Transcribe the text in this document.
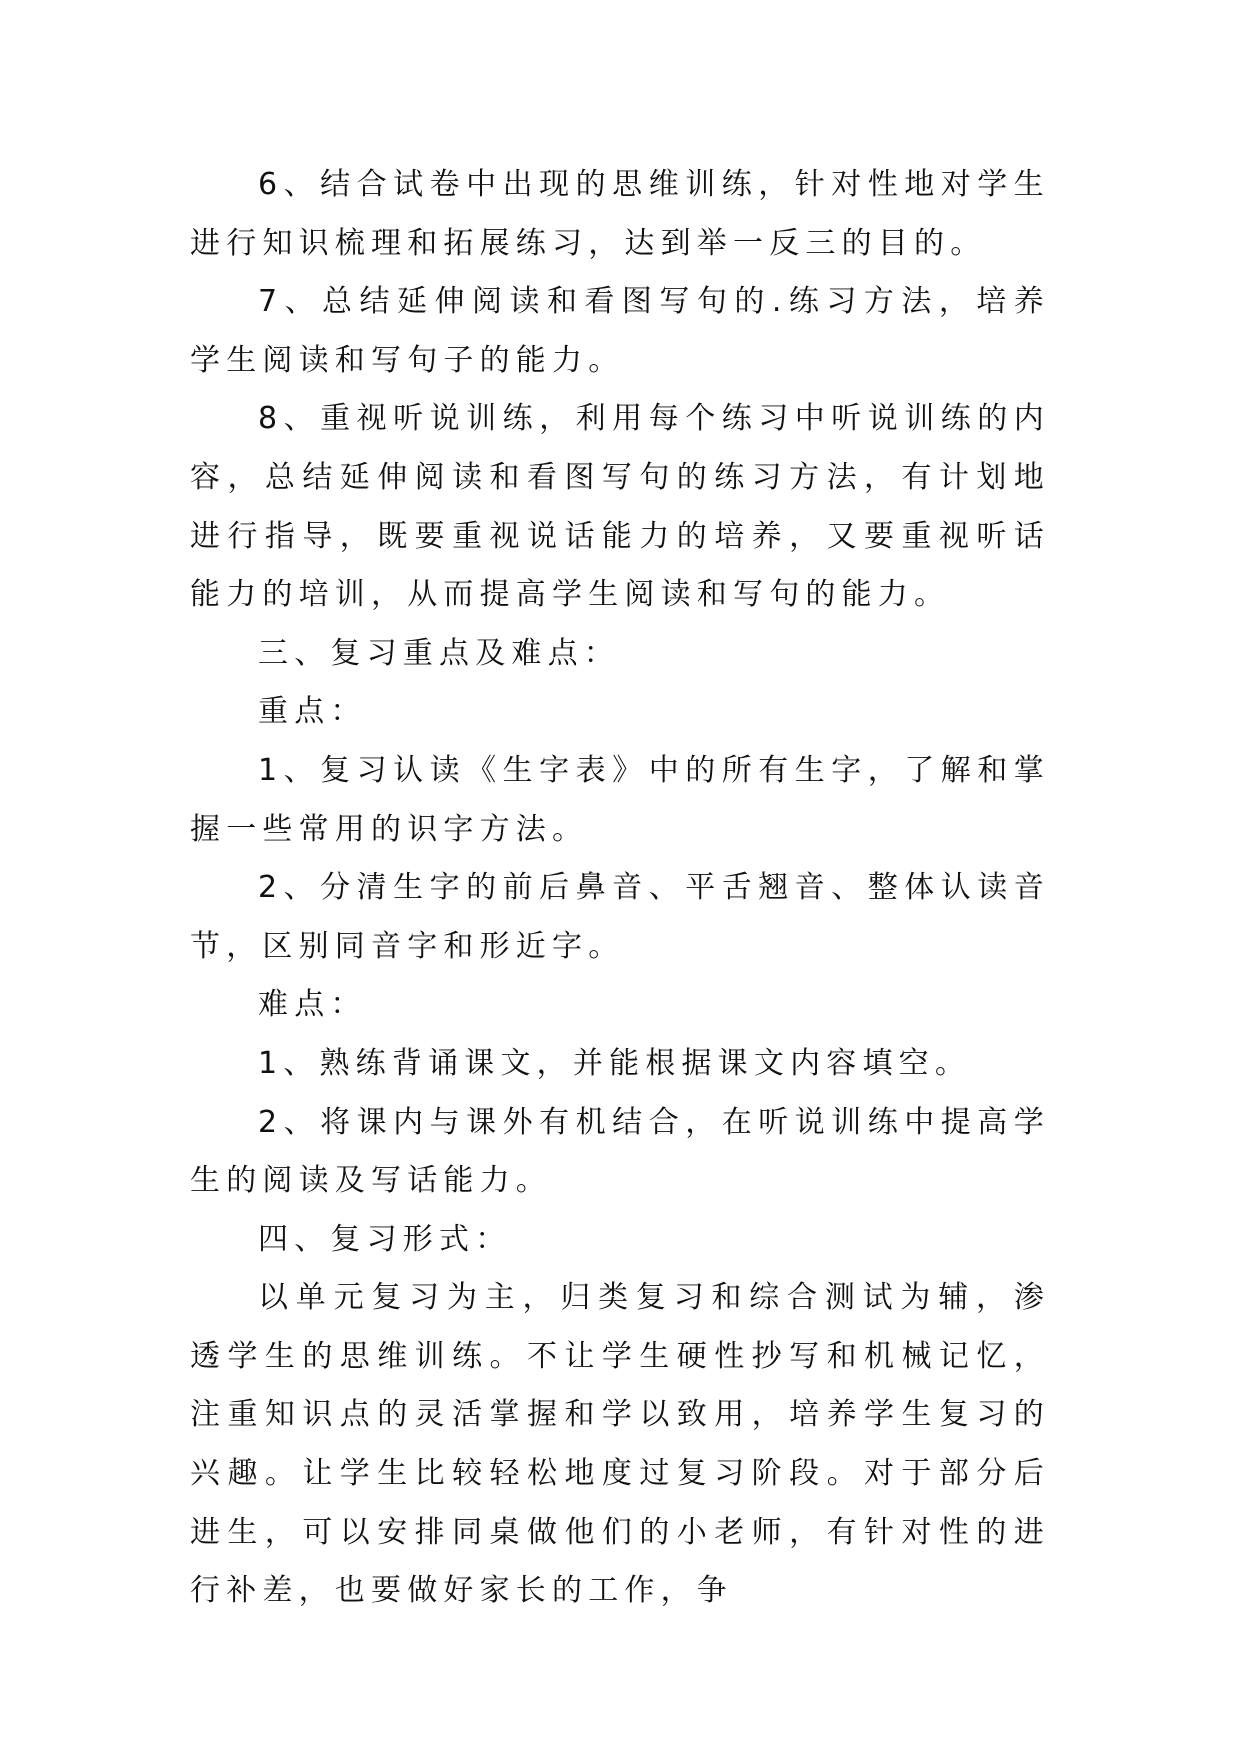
6、结合试卷中出现的思维训练，针对性地对学生进行知识梳理和拓展练习，达到举一反三的目的。

7、总结延伸阅读和看图写句的.练习方法，培养学生阅读和写句子的能力。

8、重视听说训练，利用每个练习中听说训练的内容，总结延伸阅读和看图写句的练习方法，有计划地进行指导，既要重视说话能力的培养，又要重视听话能力的培训，从而提高学生阅读和写句的能力。

三、复习重点及难点：

重点：

1、复习认读《生字表》中的所有生字，了解和掌握一些常用的识字方法。

2、分清生字的前后鼻音、平舌翘音、整体认读音节，区别同音字和形近字。

难点：

1、熟练背诵课文，并能根据课文内容填空。

2、将课内与课外有机结合，在听说训练中提高学生的阅读及写话能力。

四、复习形式：

以单元复习为主，归类复习和综合测试为辅，渗透学生的思维训练。不让学生硬性抄写和机械记忆，注重知识点的灵活掌握和学以致用，培养学生复习的兴趣。让学生比较轻松地度过复习阶段。对于部分后进生，可以安排同桌做他们的小老师，有针对性的进行补差，也要做好家长的工作，争
